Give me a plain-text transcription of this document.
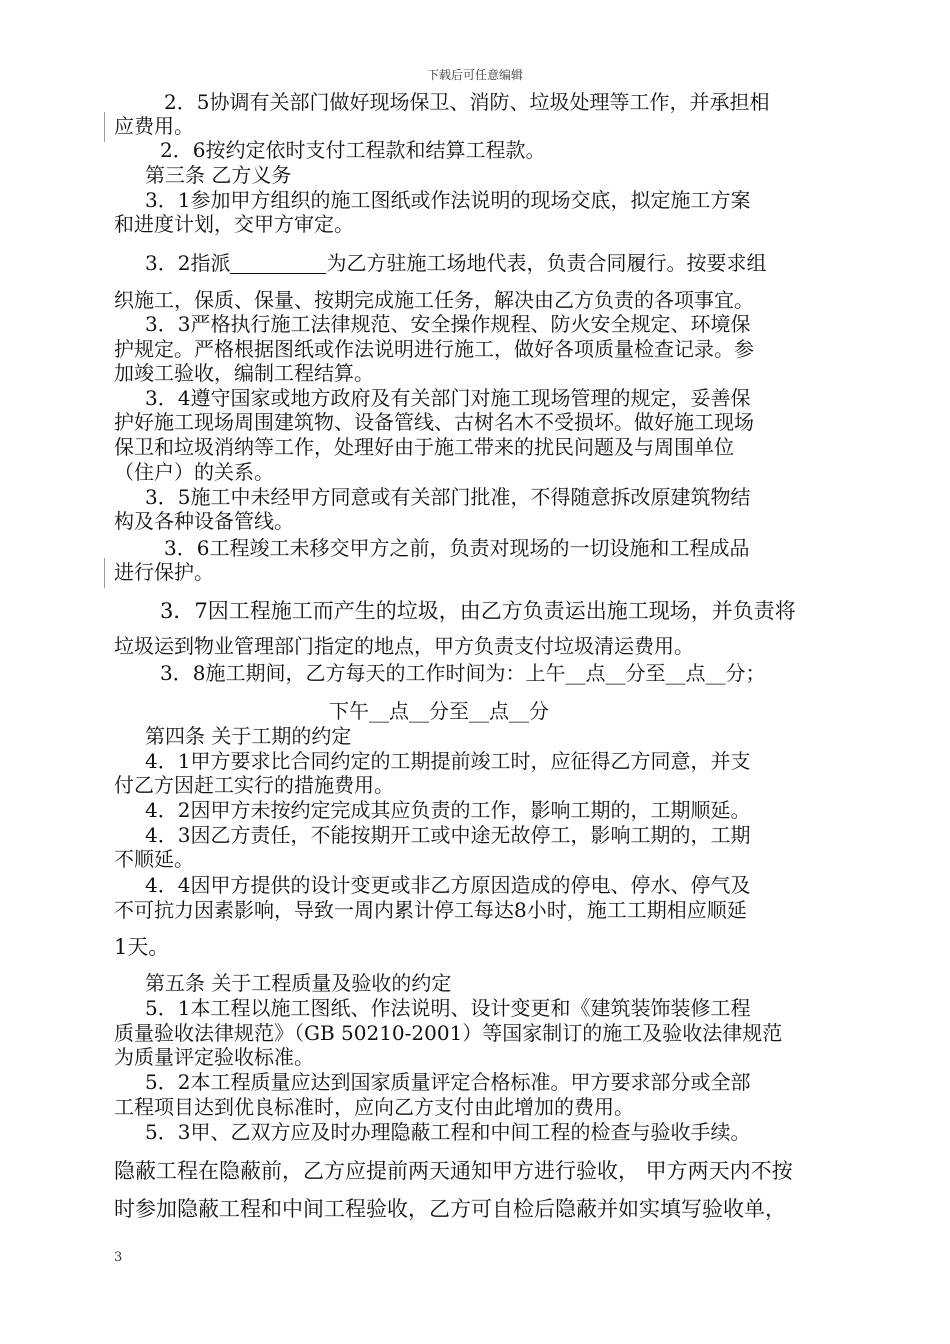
下载后可任意编辑
2．5协调有关部门做好现场保卫、消防、垃圾处理等工作，并承担相
应费用。
2．6按约定依时支付工程款和结算工程款。
第三条 乙方义务
3．1参加甲方组织的施工图纸或作法说明的现场交底，拟定施工方案
和进度计划，交甲方审定。
3．2指派	为乙方驻施工场地代表，负责合同履行。按要求组
织施工，保质、保量、按期完成施工任务，解决由乙方负责的各项事宜。
3．3严格执行施工法律规范、安全操作规程、防火安全规定、环境保
护规定。严格根据图纸或作法说明进行施工，做好各项质量检查记录。参
加竣工验收，编制工程结算。
3．4遵守国家或地方政府及有关部门对施工现场管理的规定，妥善保
护好施工现场周围建筑物、设备管线、古树名木不受损坏。做好施工现场
保卫和垃圾消纳等工作，处理好由于施工带来的扰民问题及与周围单位
（住户）的关系。
3．5施工中未经甲方同意或有关部门批准，不得随意拆改原建筑物结
构及各种设备管线。
3．6工程竣工未移交甲方之前，负责对现场的一切设施和工程成品
进行保护。
3．7因工程施工而产生的垃圾，由乙方负责运出施工现场，并负责将
垃圾运到物业管理部门指定的地点，甲方负责支付垃圾清运费用。
3．8施工期间，乙方每天的工作时间为：上午__点__分至__点__分；
下午__点__分至__点__分
第四条 关于工期的约定
4．1甲方要求比合同约定的工期提前竣工时，应征得乙方同意，并支
付乙方因赶工实行的措施费用。
4．2因甲方未按约定完成其应负责的工作，影响工期的，工期顺延。
4．3因乙方责任，不能按期开工或中途无故停工，影响工期的，工期
不顺延。
4．4因甲方提供的设计变更或非乙方原因造成的停电、停水、停气及
不可抗力因素影响，导致一周内累计停工每达8小时，施工工期相应顺延
1天。
第五条 关于工程质量及验收的约定
5．1本工程以施工图纸、作法说明、设计变更和《建筑装饰装修工程
质量验收法律规范》（GB 50210-2001）等国家制订的施工及验收法律规范
为质量评定验收标准。
5．2本工程质量应达到国家质量评定合格标准。甲方要求部分或全部
工程项目达到优良标准时，应向乙方支付由此增加的费用。
5．3甲、乙双方应及时办理隐蔽工程和中间工程的检查与验收手续。
隐蔽工程在隐蔽前，乙方应提前两天通知甲方进行验收， 甲方两天内不按
时参加隐蔽工程和中间工程验收，乙方可自检后隐蔽并如实填写验收单，
3
